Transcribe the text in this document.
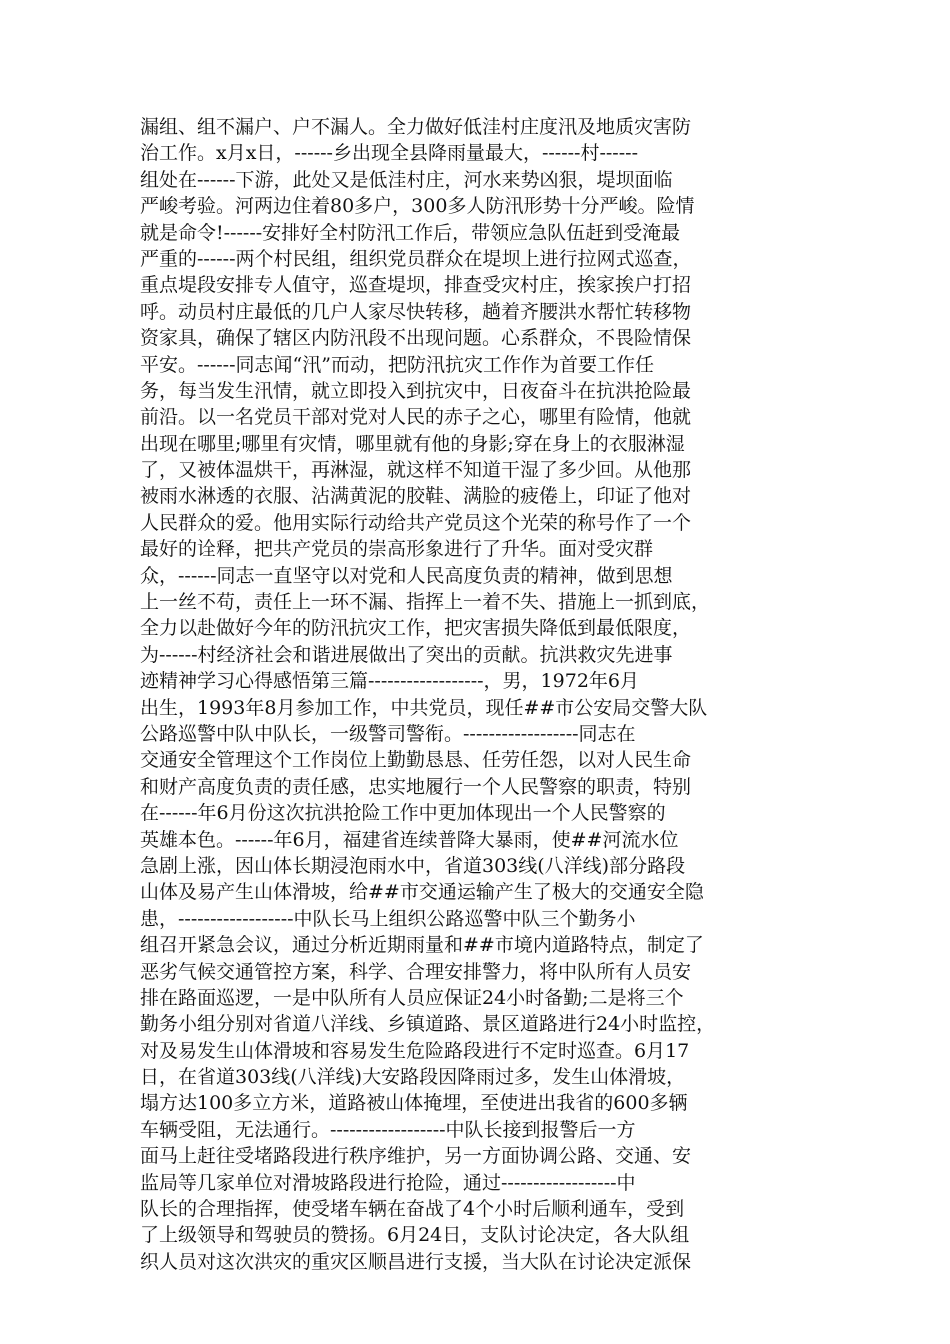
漏组、组不漏户、户不漏人。全力做好低洼村庄度汛及地质灾害防
治工作。x月x日，------乡出现全县降雨量最大，------村------
组处在------下游，此处又是低洼村庄，河水来势凶狠，堤坝面临
严峻考验。河两边住着80多户，300多人防汛形势十分严峻。险情
就是命令!------安排好全村防汛工作后，带领应急队伍赶到受淹最
严重的------两个村民组，组织党员群众在堤坝上进行拉网式巡查，
重点堤段安排专人值守，巡查堤坝，排查受灾村庄，挨家挨户打招
呼。动员村庄最低的几户人家尽快转移，趟着齐腰洪水帮忙转移物
资家具，确保了辖区内防汛段不出现问题。心系群众，不畏险情保
平安。------同志闻“汛”而动，把防汛抗灾工作作为首要工作任
务，每当发生汛情，就立即投入到抗灾中，日夜奋斗在抗洪抢险最
前沿。以一名党员干部对党对人民的赤子之心，哪里有险情，他就
出现在哪里;哪里有灾情，哪里就有他的身影;穿在身上的衣服淋湿
了，又被体温烘干，再淋湿，就这样不知道干湿了多少回。从他那
被雨水淋透的衣服、沾满黄泥的胶鞋、满脸的疲倦上，印证了他对
人民群众的爱。他用实际行动给共产党员这个光荣的称号作了一个
最好的诠释，把共产党员的崇高形象进行了升华。面对受灾群
众，------同志一直坚守以对党和人民高度负责的精神，做到思想
上一丝不苟，责任上一环不漏、指挥上一着不失、措施上一抓到底，
全力以赴做好今年的防汛抗灾工作，把灾害损失降低到最低限度，
为------村经济社会和谐进展做出了突出的贡献。抗洪救灾先进事
迹精神学习心得感悟第三篇------------------，男，1972年6月
出生，1993年8月参加工作，中共党员，现任##市公安局交警大队
公路巡警中队中队长，一级警司警衔。------------------同志在
交通安全管理这个工作岗位上勤勤恳恳、任劳任怨，以对人民生命
和财产高度负责的责任感，忠实地履行一个人民警察的职责，特别
在------年6月份这次抗洪抢险工作中更加体现出一个人民警察的
英雄本色。------年6月，福建省连续普降大暴雨，使##河流水位
急剧上涨，因山体长期浸泡雨水中，省道303线(八洋线)部分路段
山体及易产生山体滑坡，给##市交通运输产生了极大的交通安全隐
患，------------------中队长马上组织公路巡警中队三个勤务小
组召开紧急会议，通过分析近期雨量和##市境内道路特点，制定了
恶劣气候交通管控方案，科学、合理安排警力，将中队所有人员安
排在路面巡逻，一是中队所有人员应保证24小时备勤;二是将三个
勤务小组分别对省道八洋线、乡镇道路、景区道路进行24小时监控，
对及易发生山体滑坡和容易发生危险路段进行不定时巡查。6月17
日，在省道303线(八洋线)大安路段因降雨过多，发生山体滑坡，
塌方达100多立方米，道路被山体掩埋，至使进出我省的600多辆
车辆受阻，无法通行。------------------中队长接到报警后一方
面马上赶往受堵路段进行秩序维护，另一方面协调公路、交通、安
监局等几家单位对滑坡路段进行抢险，通过------------------中
队长的合理指挥，使受堵车辆在奋战了4个小时后顺利通车，受到
了上级领导和驾驶员的赞扬。6月24日，支队讨论决定，各大队组
织人员对这次洪灾的重灾区顺昌进行支援，当大队在讨论决定派保
